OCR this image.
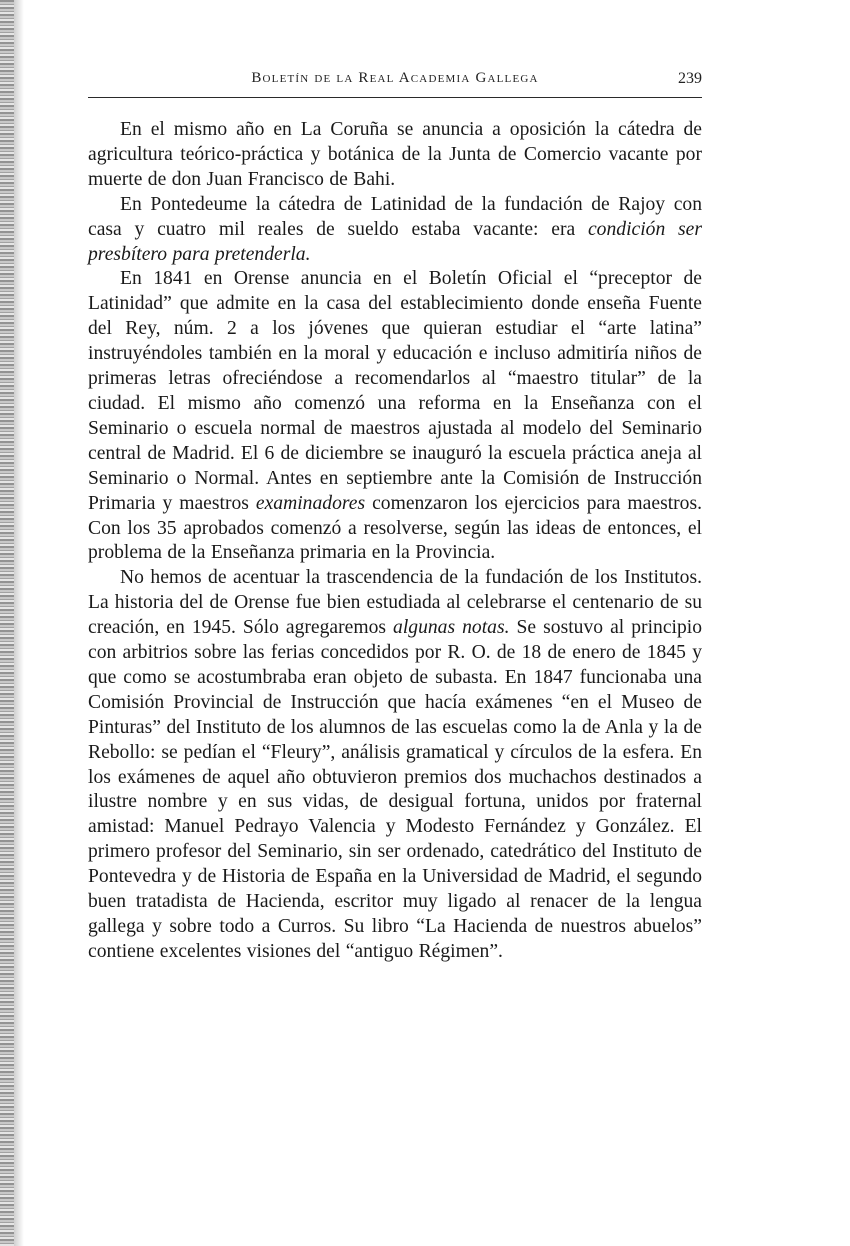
Boletín de la Real Academia Gallega	239

En el mismo año en La Coruña se anuncia a oposición la cátedra de agricultura teórico-práctica y botánica de la Junta de Comercio vacante por muerte de don Juan Francisco de Bahi.

En Pontedeume la cátedra de Latinidad de la fundación de Rajoy con casa y cuatro mil reales de sueldo estaba vacante: era condición ser presbítero para pretenderla.

En 1841 en Orense anuncia en el Boletín Oficial el “preceptor de Latinidad” que admite en la casa del establecimiento donde enseña Fuente del Rey, núm. 2 a los jóvenes que quieran estudiar el “arte latina” instruyéndoles también en la moral y educación e incluso admitiría niños de primeras letras ofreciéndose a recomendarlos al “maestro titular” de la ciudad. El mismo año comenzó una reforma en la Enseñanza con el Seminario o escuela normal de maestros ajustada al modelo del Seminario central de Madrid. El 6 de diciembre se inauguró la escuela práctica aneja al Seminario o Normal. Antes en septiembre ante la Comisión de Instrucción Primaria y maestros examinadores comenzaron los ejercicios para maestros. Con los 35 aprobados comenzó a resolverse, según las ideas de entonces, el problema de la Enseñanza primaria en la Provincia.

No hemos de acentuar la trascendencia de la fundación de los Institutos. La historia del de Orense fue bien estudiada al celebrarse el centenario de su creación, en 1945. Sólo agregaremos algunas notas. Se sostuvo al principio con arbitrios sobre las ferias concedidos por R. O. de 18 de enero de 1845 y que como se acostumbraba eran objeto de subasta. En 1847 funcionaba una Comisión Provincial de Instrucción que hacía exámenes “en el Museo de Pinturas” del Instituto de los alumnos de las escuelas como la de Anla y la de Rebollo: se pedían el “Fleury”, análisis gramatical y círculos de la esfera. En los exámenes de aquel año obtuvieron premios dos muchachos destinados a ilustre nombre y en sus vidas, de desigual fortuna, unidos por fraternal amistad: Manuel Pedrayo Valencia y Modesto Fernández y González. El primero profesor del Seminario, sin ser ordenado, catedrático del Instituto de Pontevedra y de Historia de España en la Universidad de Madrid, el segundo buen tratadista de Hacienda, escritor muy ligado al renacer de la lengua gallega y sobre todo a Curros. Su libro “La Hacienda de nuestros abuelos” contiene excelentes visiones del “antiguo Régimen”.
